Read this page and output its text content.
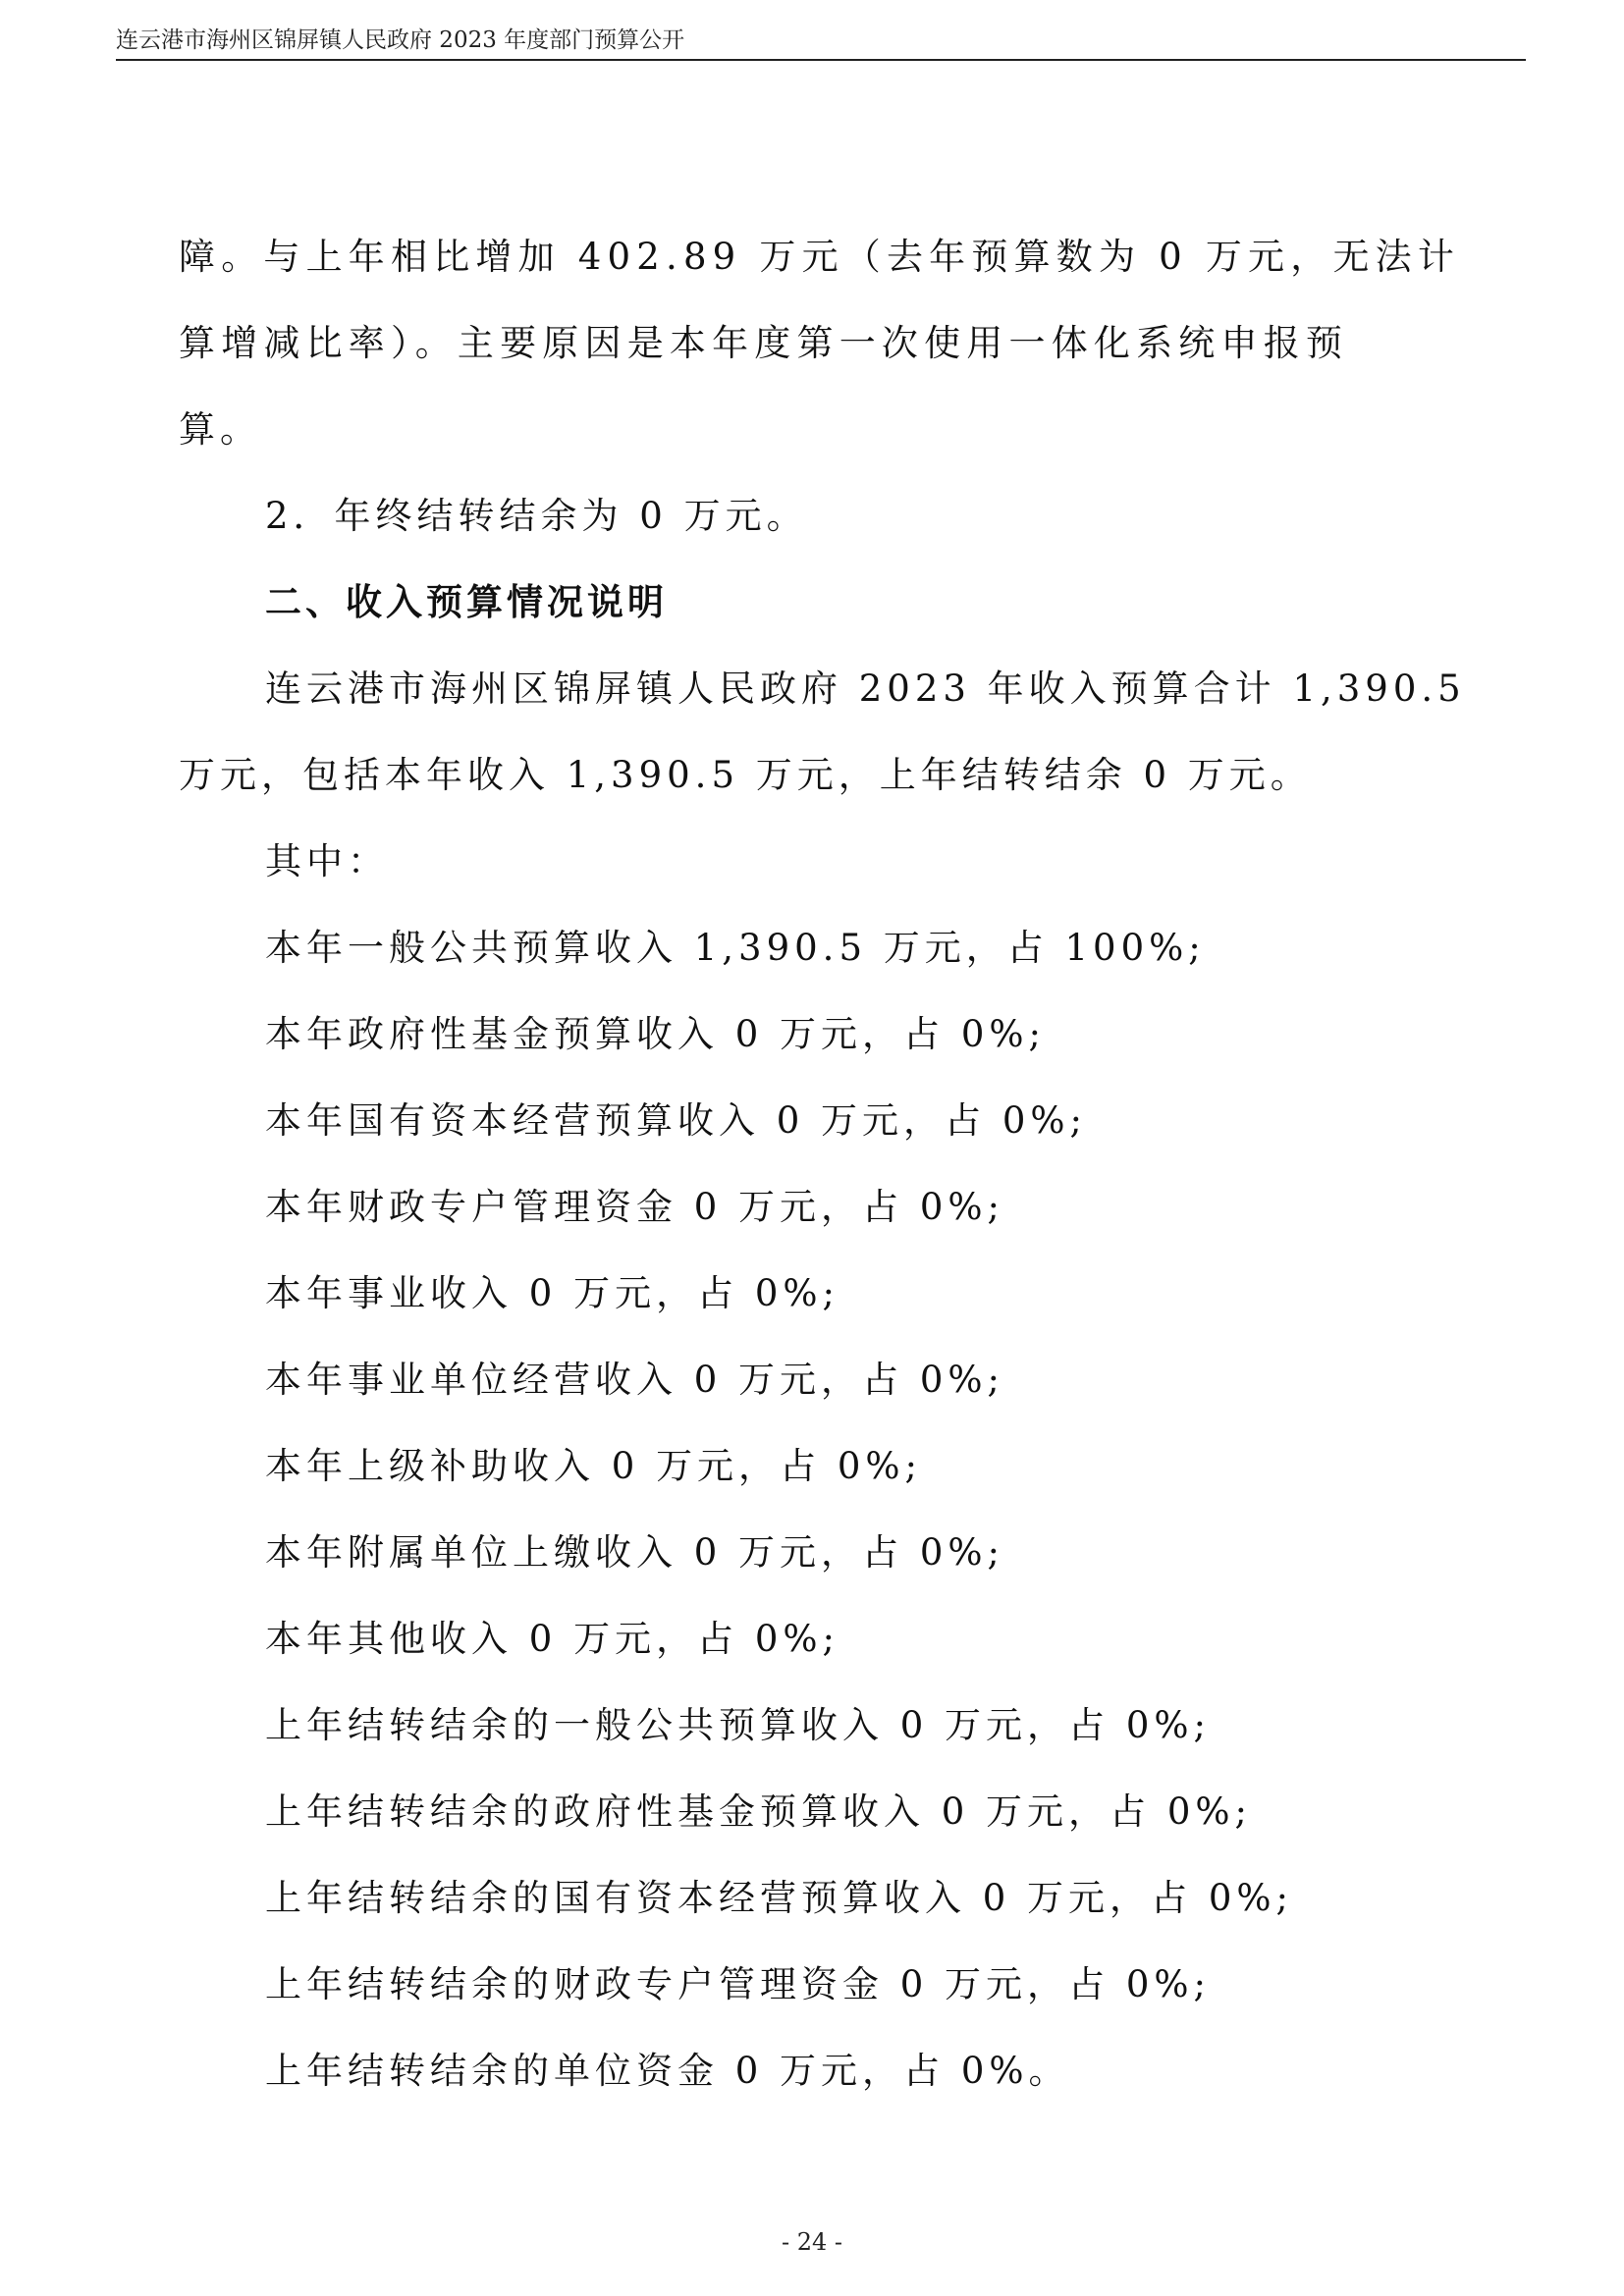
连云港市海州区锦屏镇人民政府 2023 年度部门预算公开
障。与上年相比增加 402.89 万元（去年预算数为 0 万元，无法计
算增减比率）。主要原因是本年度第一次使用一体化系统申报预
算。
2．年终结转结余为 0 万元。
二、收入预算情况说明
连云港市海州区锦屏镇人民政府 2023 年收入预算合计 1,390.5
万元，包括本年收入 1,390.5 万元，上年结转结余 0 万元。
其中：
本年一般公共预算收入 1,390.5 万元，占 100%;
本年政府性基金预算收入 0 万元，占 0%;
本年国有资本经营预算收入 0 万元，占 0%;
本年财政专户管理资金 0 万元，占 0%;
本年事业收入 0 万元，占 0%;
本年事业单位经营收入 0 万元，占 0%;
本年上级补助收入 0 万元，占 0%;
本年附属单位上缴收入 0 万元，占 0%;
本年其他收入 0 万元，占 0%;
上年结转结余的一般公共预算收入 0 万元，占 0%;
上年结转结余的政府性基金预算收入 0 万元，占 0%;
上年结转结余的国有资本经营预算收入 0 万元，占 0%;
上年结转结余的财政专户管理资金 0 万元，占 0%;
上年结转结余的单位资金 0 万元，占 0%。
- 24 -
